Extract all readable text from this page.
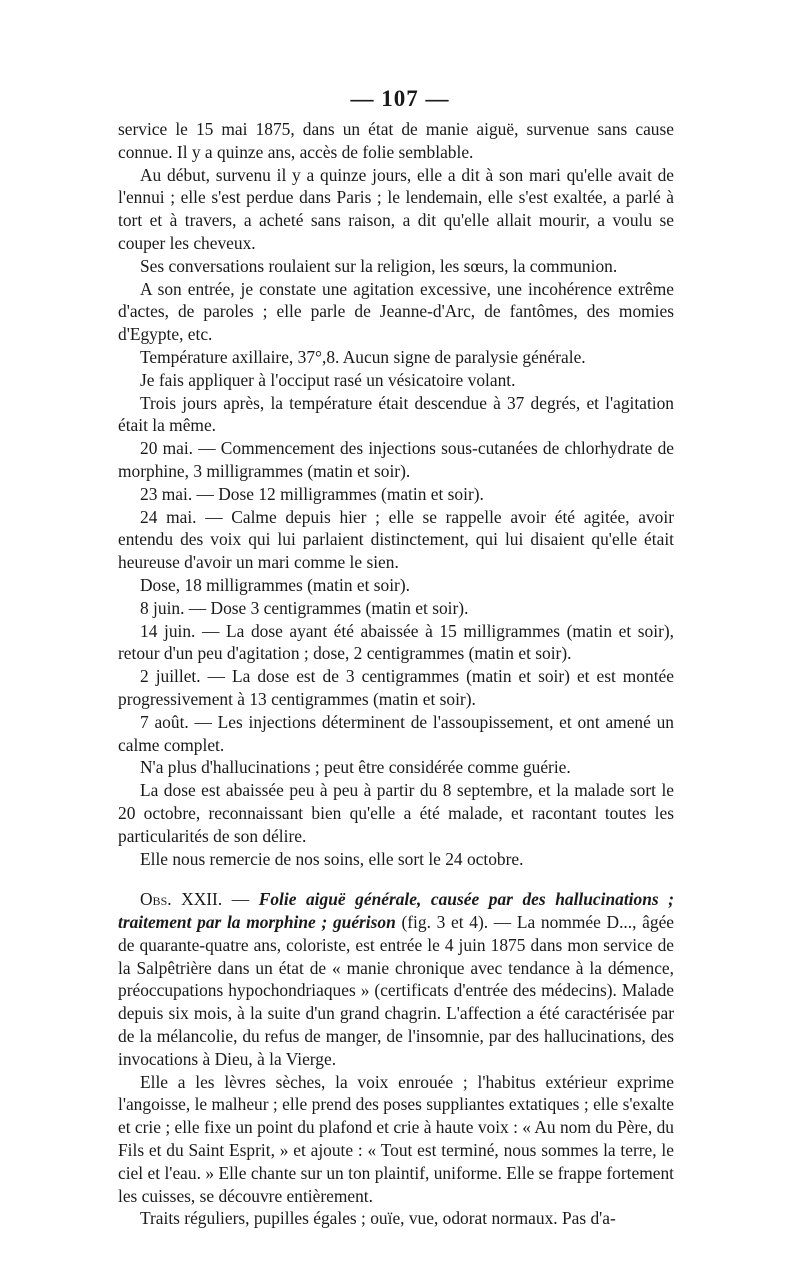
— 107 —

service le 15 mai 1875, dans un état de manie aiguë, survenue sans cause connue. Il y a quinze ans, accès de folie semblable.

Au début, survenu il y a quinze jours, elle a dit à son mari qu'elle avait de l'ennui ; elle s'est perdue dans Paris ; le lendemain, elle s'est exaltée, a parlé à tort et à travers, a acheté sans raison, a dit qu'elle allait mourir, a voulu se couper les cheveux.

Ses conversations roulaient sur la religion, les sœurs, la communion.

A son entrée, je constate une agitation excessive, une incohérence extrême d'actes, de paroles ; elle parle de Jeanne-d'Arc, de fantômes, des momies d'Egypte, etc.

Température axillaire, 37°,8. Aucun signe de paralysie générale.

Je fais appliquer à l'occiput rasé un vésicatoire volant.

Trois jours après, la température était descendue à 37 degrés, et l'agitation était la même.

20 mai. — Commencement des injections sous-cutanées de chlorhydrate de morphine, 3 milligrammes (matin et soir).

23 mai. — Dose 12 milligrammes (matin et soir).

24 mai. — Calme depuis hier ; elle se rappelle avoir été agitée, avoir entendu des voix qui lui parlaient distinctement, qui lui disaient qu'elle était heureuse d'avoir un mari comme le sien.

Dose, 18 milligrammes (matin et soir).

8 juin. — Dose 3 centigrammes (matin et soir).

14 juin. — La dose ayant été abaissée à 15 milligrammes (matin et soir), retour d'un peu d'agitation ; dose, 2 centigrammes (matin et soir).

2 juillet. — La dose est de 3 centigrammes (matin et soir) et est montée progressivement à 13 centigrammes (matin et soir).

7 août. — Les injections déterminent de l'assoupissement, et ont amené un calme complet.

N'a plus d'hallucinations ; peut être considérée comme guérie.

La dose est abaissée peu à peu à partir du 8 septembre, et la malade sort le 20 octobre, reconnaissant bien qu'elle a été malade, et racontant toutes les particularités de son délire.

Elle nous remercie de nos soins, elle sort le 24 octobre.

Obs. XXII. — Folie aiguë générale, causée par des hallucinations ; traitement par la morphine ; guérison (fig. 3 et 4). — La nommée D..., âgée de quarante-quatre ans, coloriste, est entrée le 4 juin 1875 dans mon service de la Salpêtrière dans un état de « manie chronique avec tendance à la démence, préoccupations hypochondriaques » (certificats d'entrée des médecins). Malade depuis six mois, à la suite d'un grand chagrin. L'affection a été caractérisée par de la mélancolie, du refus de manger, de l'insomnie, par des hallucinations, des invocations à Dieu, à la Vierge.

Elle a les lèvres sèches, la voix enrouée ; l'habitus extérieur exprime l'angoisse, le malheur ; elle prend des poses suppliantes extatiques ; elle s'exalte et crie ; elle fixe un point du plafond et crie à haute voix : « Au nom du Père, du Fils et du Saint Esprit, » et ajoute : « Tout est terminé, nous sommes la terre, le ciel et l'eau. » Elle chante sur un ton plaintif, uniforme. Elle se frappe fortement les cuisses, se découvre entièrement.

Traits réguliers, pupilles égales ; ouïe, vue, odorat normaux. Pas d'a-
